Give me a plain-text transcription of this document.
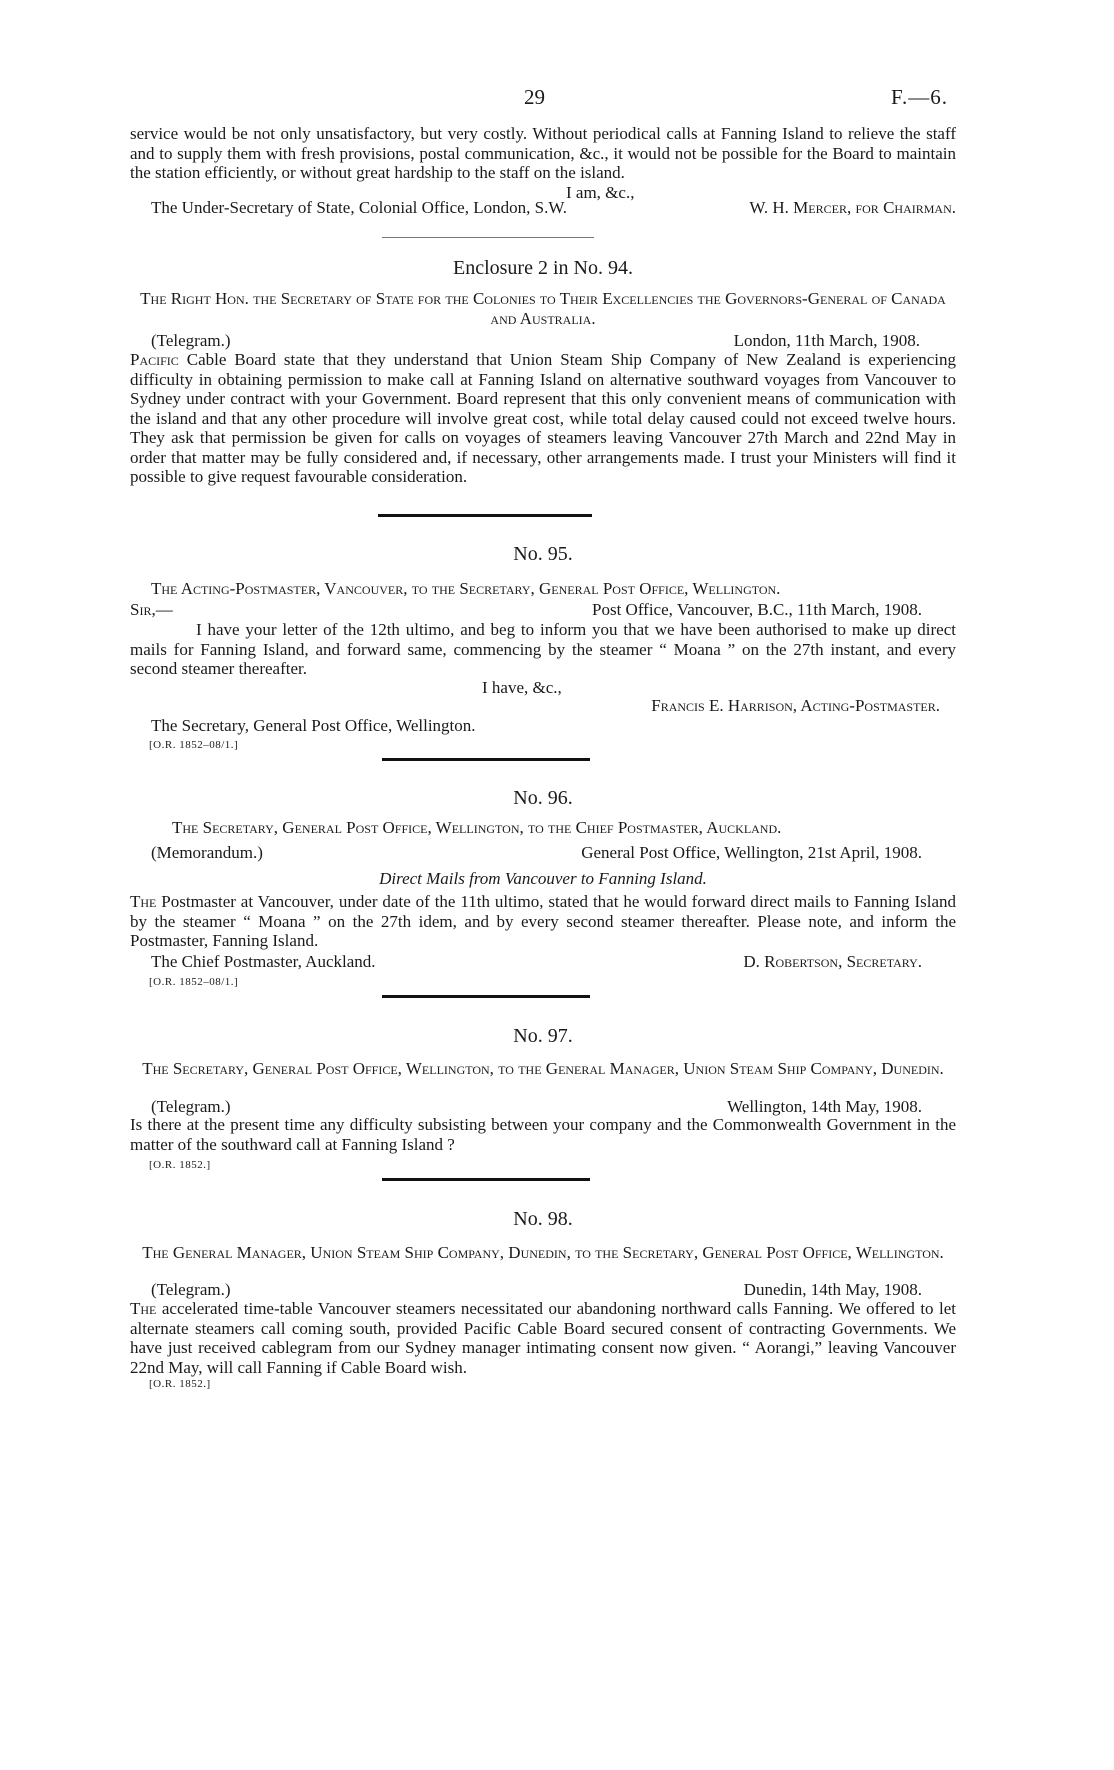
29	F.—6.
service would be not only unsatisfactory, but very costly. Without periodical calls at Fanning Island to relieve the staff and to supply them with fresh provisions, postal communication, &c., it would not be possible for the Board to maintain the station efficiently, or without great hardship to the staff on the island.
I am, &c.,
The Under-Secretary of State, Colonial Office, London, S.W.	W. H. Mercer, for Chairman.
Enclosure 2 in No. 94.
The Right Hon. the Secretary of State for the Colonies to Their Excellencies the Governors-General of Canada and Australia.
(Telegram.)	London, 11th March, 1908.
Pacific Cable Board state that they understand that Union Steam Ship Company of New Zealand is experiencing difficulty in obtaining permission to make call at Fanning Island on alternative southward voyages from Vancouver to Sydney under contract with your Government. Board represent that this only convenient means of communication with the island and that any other procedure will involve great cost, while total delay caused could not exceed twelve hours. They ask that permission be given for calls on voyages of steamers leaving Vancouver 27th March and 22nd May in order that matter may be fully considered and, if necessary, other arrangements made. I trust your Ministers will find it possible to give request favourable consideration.
No. 95.
The Acting-Postmaster, Vancouver, to the Secretary, General Post Office, Wellington.
Sir,—	Post Office, Vancouver, B.C., 11th March, 1908.
I have your letter of the 12th ultimo, and beg to inform you that we have been authorised to make up direct mails for Fanning Island, and forward same, commencing by the steamer “ Moana ” on the 27th instant, and every second steamer thereafter.
I have, &c.,
Francis E. Harrison, Acting-Postmaster.
The Secretary, General Post Office, Wellington.
[O.R. 1852–08/1.]
No. 96.
The Secretary, General Post Office, Wellington, to the Chief Postmaster, Auckland.
(Memorandum.)	General Post Office, Wellington, 21st April, 1908.
Direct Mails from Vancouver to Fanning Island.
The Postmaster at Vancouver, under date of the 11th ultimo, stated that he would forward direct mails to Fanning Island by the steamer “ Moana ” on the 27th idem, and by every second steamer thereafter. Please note, and inform the Postmaster, Fanning Island.
The Chief Postmaster, Auckland.	D. Robertson, Secretary.
[O.R. 1852–08/1.]
No. 97.
The Secretary, General Post Office, Wellington, to the General Manager, Union Steam Ship Company, Dunedin.
(Telegram.)	Wellington, 14th May, 1908.
Is there at the present time any difficulty subsisting between your company and the Commonwealth Government in the matter of the southward call at Fanning Island ?
[O.R. 1852.]
No. 98.
The General Manager, Union Steam Ship Company, Dunedin, to the Secretary, General Post Office, Wellington.
(Telegram.)	Dunedin, 14th May, 1908.
The accelerated time-table Vancouver steamers necessitated our abandoning northward calls Fanning. We offered to let alternate steamers call coming south, provided Pacific Cable Board secured consent of contracting Governments. We have just received cablegram from our Sydney manager intimating consent now given. “ Aorangi,” leaving Vancouver 22nd May, will call Fanning if Cable Board wish.
[O.R. 1852.]
